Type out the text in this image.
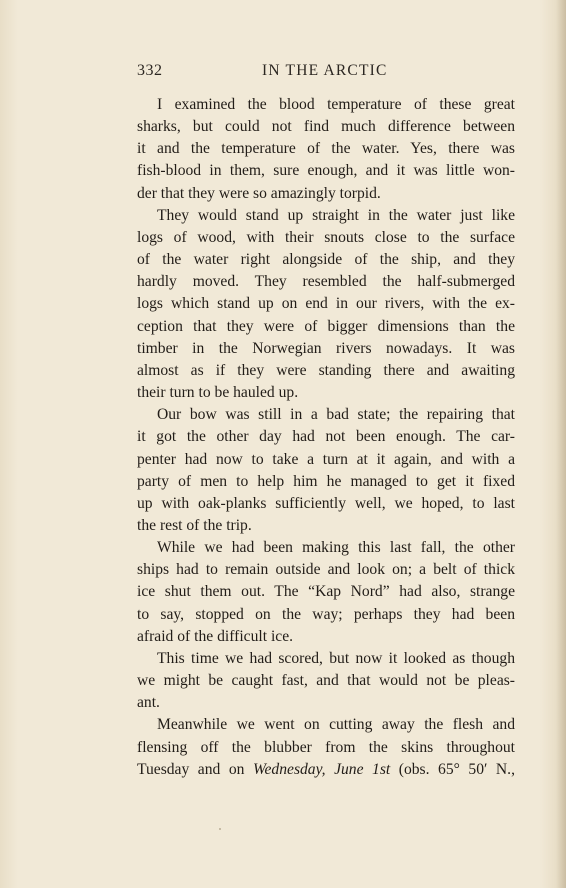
332	IN THE ARCTIC

I examined the blood temperature of these great
sharks, but could not find much difference between
it and the temperature of the water. Yes, there was
fish-blood in them, sure enough, and it was little won-
der that they were so amazingly torpid.

They would stand up straight in the water just like
logs of wood, with their snouts close to the surface
of the water right alongside of the ship, and they
hardly moved. They resembled the half-submerged
logs which stand up on end in our rivers, with the ex-
ception that they were of bigger dimensions than the
timber in the Norwegian rivers nowadays. It was
almost as if they were standing there and awaiting
their turn to be hauled up.

Our bow was still in a bad state; the repairing that
it got the other day had not been enough. The car-
penter had now to take a turn at it again, and with a
party of men to help him he managed to get it fixed
up with oak-planks sufficiently well, we hoped, to last
the rest of the trip.

While we had been making this last fall, the other
ships had to remain outside and look on; a belt of thick
ice shut them out. The “Kap Nord” had also, strange
to say, stopped on the way; perhaps they had been
afraid of the difficult ice.

This time we had scored, but now it looked as though
we might be caught fast, and that would not be pleas-
ant.

Meanwhile we went on cutting away the flesh and
flensing off the blubber from the skins throughout
Tuesday and on Wednesday, June 1st (obs. 65° 50′ N.,
